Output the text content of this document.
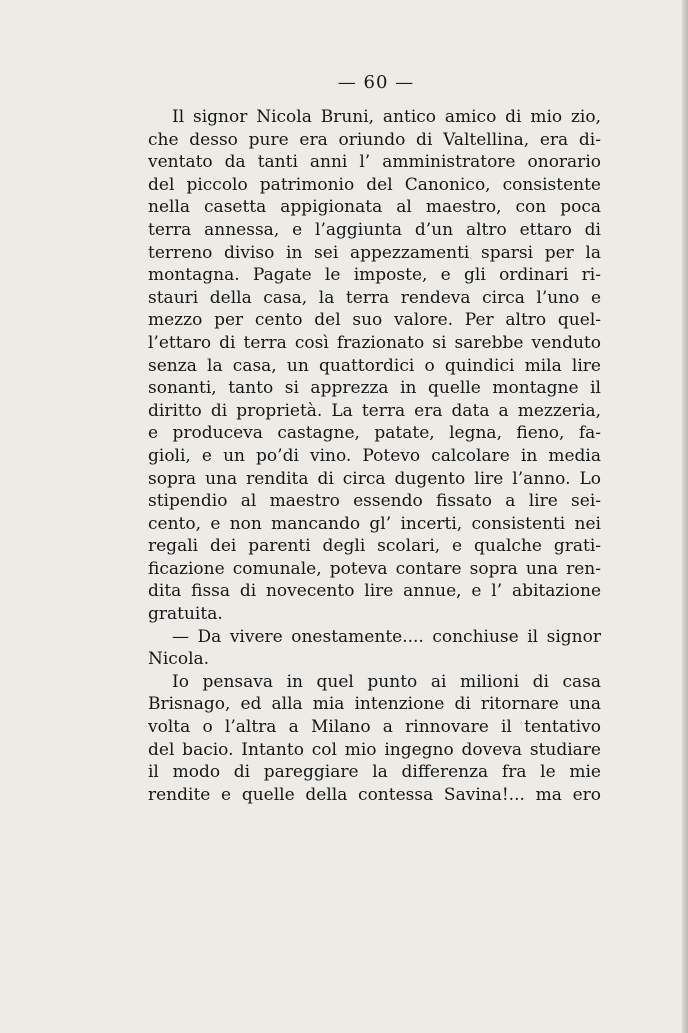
— 60 —

Il signor Nicola Bruni, antico amico di mio zio,
che desso pure era oriundo di Valtellina, era di-
ventato da tanti anni l’ amministratore onorario
del piccolo patrimonio del Canonico, consistente
nella casetta appigionata al maestro, con poca
terra annessa, e l’aggiunta d’un altro ettaro di
terreno diviso in sei appezzamenti sparsi per la
montagna. Pagate le imposte, e gli ordinari ri-
stauri della casa, la terra rendeva circa l’uno e
mezzo per cento del suo valore. Per altro quel-
l’ettaro di terra così frazionato si sarebbe venduto
senza la casa, un quattordici o quindici mila lire
sonanti, tanto si apprezza in quelle montagne il
diritto di proprietà. La terra era data a mezzeria,
e produceva castagne, patate, legna, fieno, fa-
gioli, e un po’di vino. Potevo calcolare in media
sopra una rendita di circa dugento lire l’anno. Lo
stipendio al maestro essendo fissato a lire sei-
cento, e non mancando gl’ incerti, consistenti nei
regali dei parenti degli scolari, e qualche grati-
ficazione comunale, poteva contare sopra una ren-
dita fissa di novecento lire annue, e l’ abitazione
gratuita.
— Da vivere onestamente.... conchiuse il signor
Nicola.
Io pensava in quel punto ai milioni di casa
Brisnago, ed alla mia intenzione di ritornare una
volta o l’altra a Milano a rinnovare il tentativo
del bacio. Intanto col mio ingegno doveva studiare
il modo di pareggiare la differenza fra le mie
rendite e quelle della contessa Savina!... ma ero
